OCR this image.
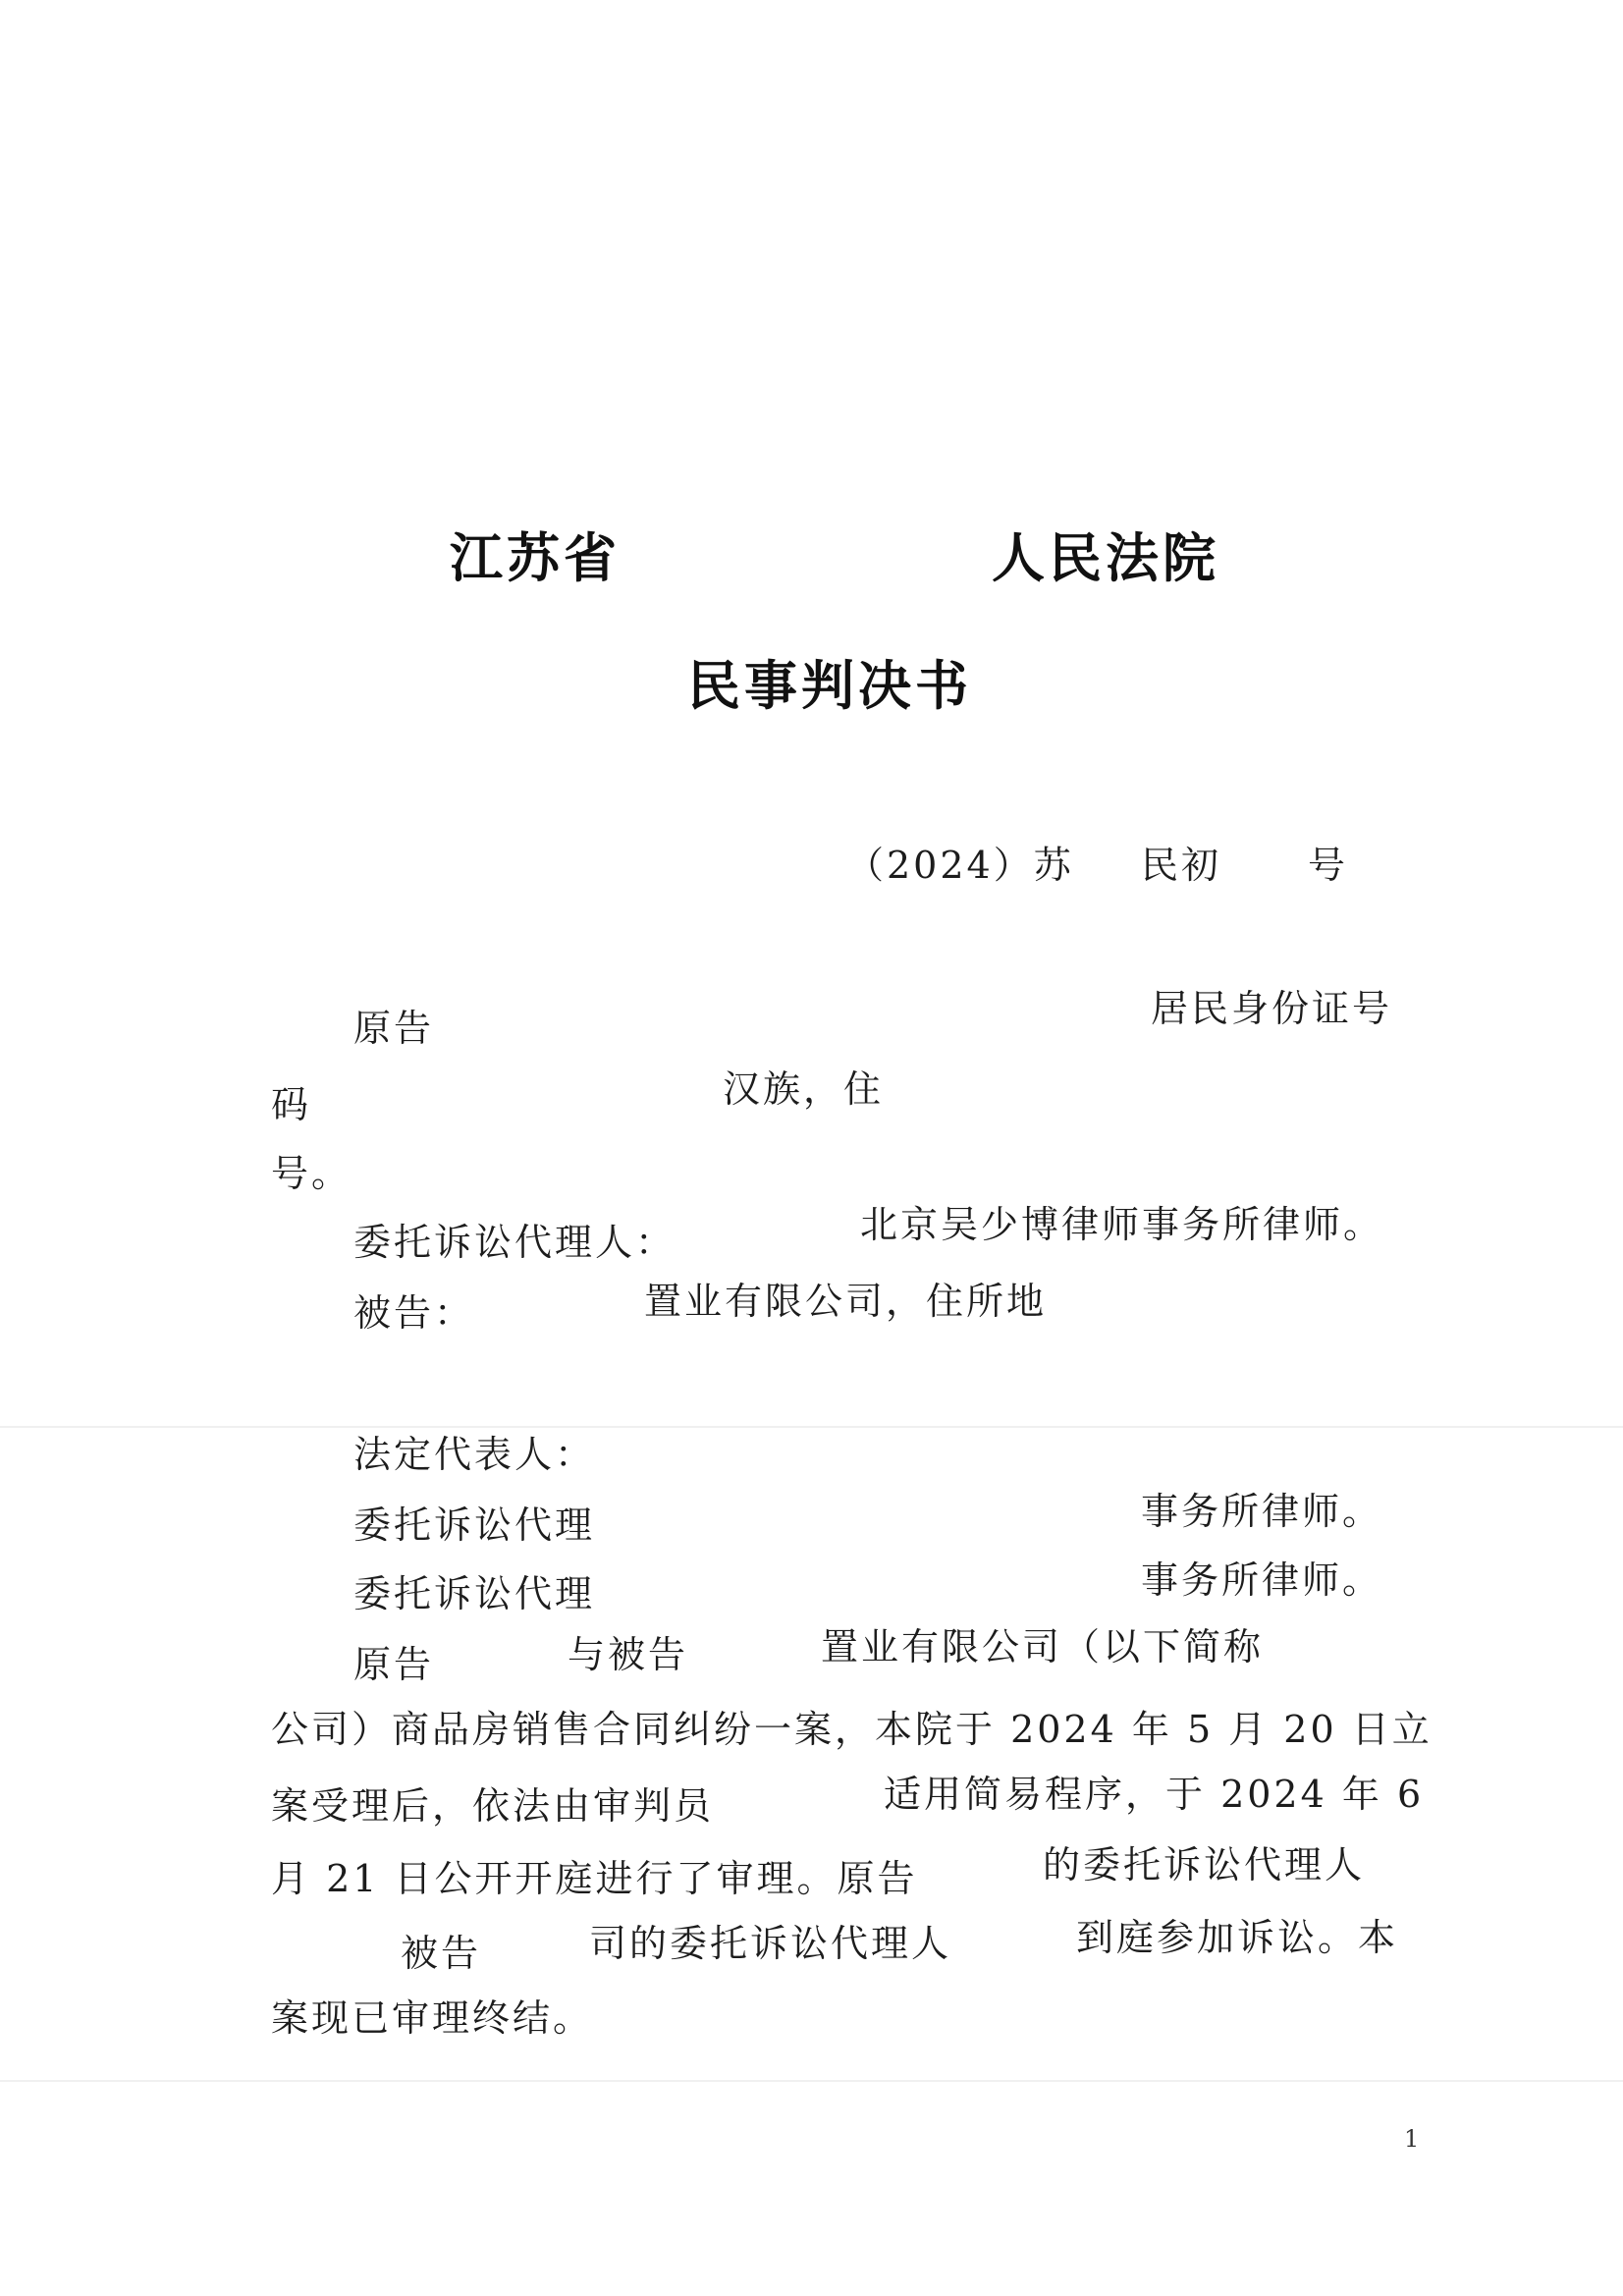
江苏省	人民法院
民事判决书
（2024）苏 民初 号
原告	居民身份证号
码	汉族，住
号。
委托诉讼代理人：	北京吴少博律师事务所律师。
被告：	置业有限公司，住所地
法定代表人：
委托诉讼代理	事务所律师。
委托诉讼代理	事务所律师。
原告	与被告	置业有限公司（以下简称
公司）商品房销售合同纠纷一案，本院于 2024 年 5 月 20 日立
案受理后，依法由审判员	适用简易程序，于 2024 年 6
月 21 日公开开庭进行了审理。原告	的委托诉讼代理人
被告	司的委托诉讼代理人	到庭参加诉讼。本
案现已审理终结。
1
